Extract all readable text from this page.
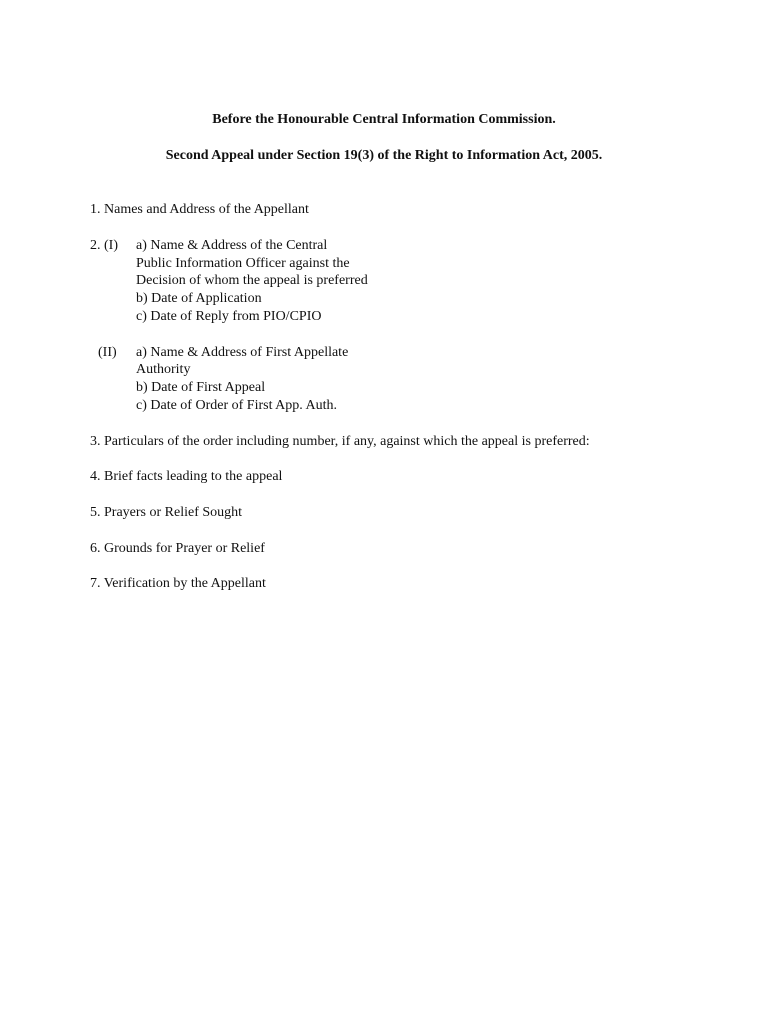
Before the Honourable Central Information Commission.
Second Appeal under Section 19(3) of the Right to Information Act, 2005.
1. Names and Address of the Appellant
2. (I) a) Name & Address of the Central
Public Information Officer against the
Decision of whom the appeal is preferred
b) Date of Application
c) Date of Reply from PIO/CPIO
(II) a) Name & Address of First Appellate
Authority
b) Date of First Appeal
c) Date of Order of First App. Auth.
3. Particulars of the order including number, if any, against which the appeal is preferred:
4. Brief facts leading to the appeal
5. Prayers or Relief Sought
6. Grounds for Prayer or Relief
7. Verification by the Appellant
